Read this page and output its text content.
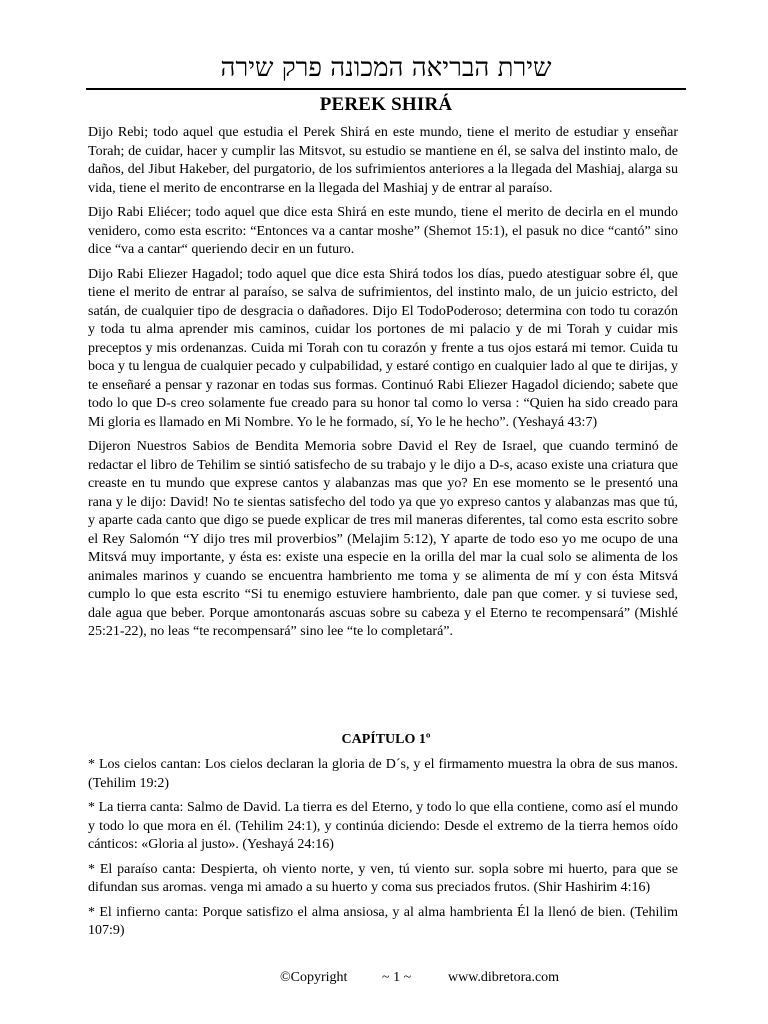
שירת הבריאה המכונה פרק שירה
PEREK SHIRÁ

Dijo Rebi; todo aquel que estudia el Perek Shirá en este mundo, tiene el merito de estudiar y enseñar Torah; de cuidar, hacer y cumplir las Mitsvot, su estudio se mantiene en él, se salva del instinto malo, de daños, del Jibut Hakeber, del purgatorio, de los sufrimientos anteriores a la llegada del Mashiaj, alarga su vida, tiene el merito de encontrarse en la llegada del Mashiaj y de entrar al paraíso.

Dijo Rabi Eliécer; todo aquel que dice esta Shirá en este mundo, tiene el merito de decirla en el mundo venidero, como esta escrito: “Entonces va a cantar moshe” (Shemot 15:1), el pasuk no dice “cantó” sino dice “va a cantar“ queriendo decir en un futuro.

Dijo Rabi Eliezer Hagadol; todo aquel que dice esta Shirá todos los días, puedo atestiguar sobre él, que tiene el merito de entrar al paraíso, se salva de sufrimientos, del instinto malo, de un juicio estricto, del satán, de cualquier tipo de desgracia o dañadores. Dijo El TodoPoderoso; determina con todo tu corazón y toda tu alma aprender mis caminos, cuidar los portones de mi palacio y de mi Torah y cuidar mis preceptos y mis ordenanzas. Cuida mi Torah con tu corazón y frente a tus ojos estará mi temor. Cuida tu boca y tu lengua de cualquier pecado y culpabilidad, y estaré contigo en cualquier lado al que te dirijas, y te enseñaré a pensar y razonar en todas sus formas. Continuó Rabi Eliezer Hagadol diciendo; sabete que todo lo que D-s creo solamente fue creado para su honor tal como lo versa : “Quien ha sido creado para Mi gloria es llamado en Mi Nombre. Yo le he formado, sí, Yo le he hecho”. (Yeshayá 43:7)

Dijeron Nuestros Sabios de Bendita Memoria sobre David el Rey de Israel, que cuando terminó de redactar el libro de Tehilim se sintió satisfecho de su trabajo y le dijo a D-s, acaso existe una criatura que creaste en tu mundo que exprese cantos y alabanzas mas que yo? En ese momento se le presentó una rana y le dijo: David! No te sientas satisfecho del todo ya que yo expreso cantos y alabanzas mas que tú, y aparte cada canto que digo se puede explicar de tres mil maneras diferentes, tal como esta escrito sobre el Rey Salomón “Y dijo tres mil proverbios” (Melajim 5:12), Y aparte de todo eso yo me ocupo de una Mitsvá muy importante, y ésta es: existe una especie en la orilla del mar la cual solo se alimenta de los animales marinos y cuando se encuentra hambriento me toma y se alimenta de mí y con ésta Mitsvá cumplo lo que esta escrito “Si tu enemigo estuviere hambriento, dale pan que comer. y si tuviese sed, dale agua que beber. Porque amontonarás ascuas sobre su cabeza y el Eterno te recompensará” (Mishlé 25:21-22), no leas “te recompensará” sino lee “te lo completará”.

CAPÍTULO 1º

* Los cielos cantan: Los cielos declaran la gloria de D´s, y el firmamento muestra la obra de sus manos. (Tehilim 19:2)

* La tierra canta: Salmo de David. La tierra es del Eterno, y todo lo que ella contiene, como así el mundo y todo lo que mora en él. (Tehilim 24:1), y continúa diciendo: Desde el extremo de la tierra hemos oído cánticos: «Gloria al justo». (Yeshayá 24:16)

* El paraíso canta: Despierta, oh viento norte, y ven, tú viento sur. sopla sobre mi huerto, para que se difundan sus aromas. venga mi amado a su huerto y coma sus preciados frutos. (Shir Hashirim 4:16)

* El infierno canta: Porque satisfizo el alma ansiosa, y al alma hambrienta Él la llenó de bien. (Tehilim 107:9)

©Copyright ~ 1 ~	www.dibretora.com
